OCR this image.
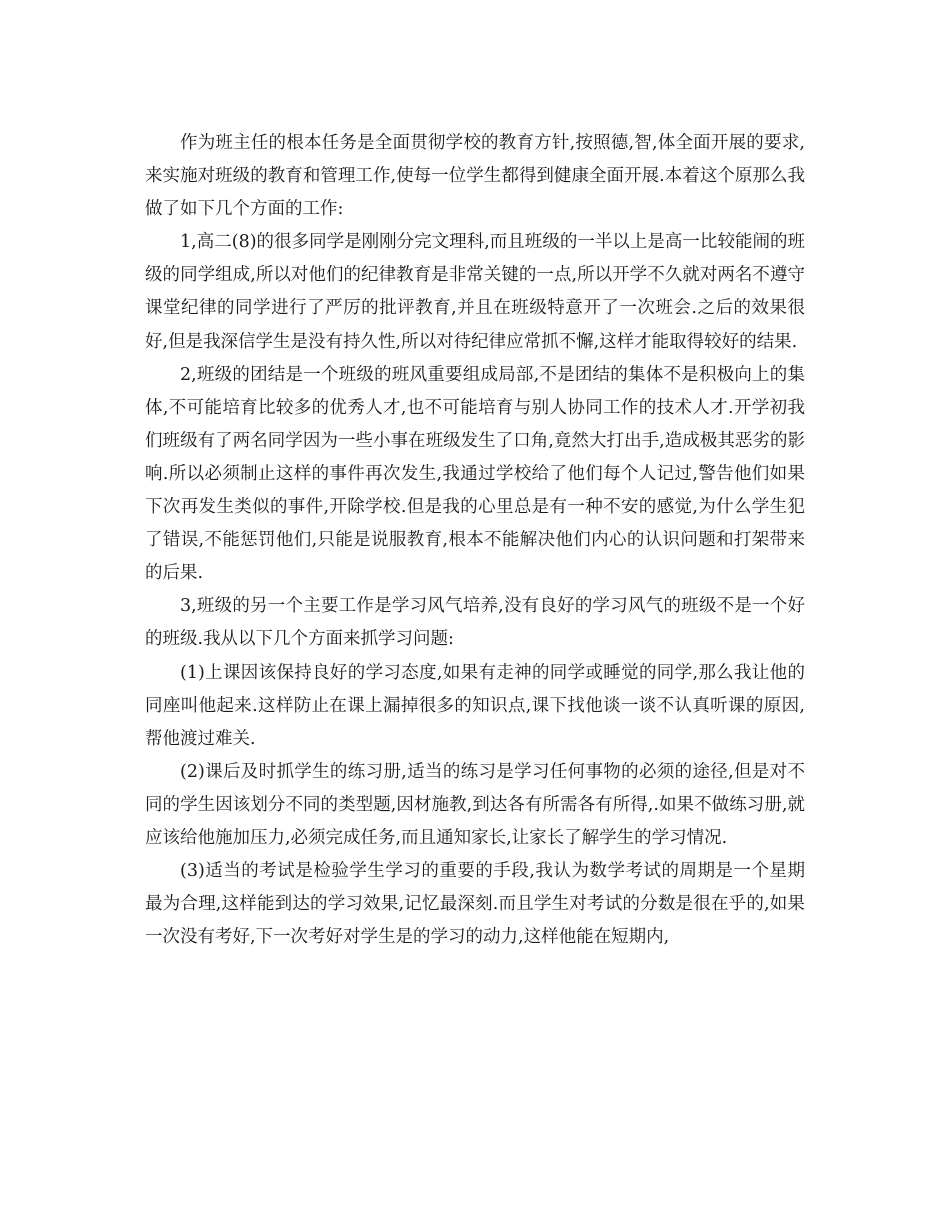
作为班主任的根本任务是全面贯彻学校的教育方针,按照德,智,体全面开展的要求,来实施对班级的教育和管理工作,使每一位学生都得到健康全面开展.本着这个原那么我做了如下几个方面的工作:

1,高二(8)的很多同学是刚刚分完文理科,而且班级的一半以上是高一比较能闹的班级的同学组成,所以对他们的纪律教育是非常关键的一点,所以开学不久就对两名不遵守课堂纪律的同学进行了严厉的批评教育,并且在班级特意开了一次班会.之后的效果很好,但是我深信学生是没有持久性,所以对待纪律应常抓不懈,这样才能取得较好的结果.

2,班级的团结是一个班级的班风重要组成局部,不是团结的集体不是积极向上的集体,不可能培育比较多的优秀人才,也不可能培育与别人协同工作的技术人才.开学初我们班级有了两名同学因为一些小事在班级发生了口角,竟然大打出手,造成极其恶劣的影响.所以必须制止这样的事件再次发生,我通过学校给了他们每个人记过,警告他们如果下次再发生类似的事件,开除学校.但是我的心里总是有一种不安的感觉,为什么学生犯了错误,不能惩罚他们,只能是说服教育,根本不能解决他们内心的认识问题和打架带来的后果.

3,班级的另一个主要工作是学习风气培养,没有良好的学习风气的班级不是一个好的班级.我从以下几个方面来抓学习问题:

(1)上课因该保持良好的学习态度,如果有走神的同学或睡觉的同学,那么我让他的同座叫他起来.这样防止在课上漏掉很多的知识点,课下找他谈一谈不认真听课的原因,帮他渡过难关.

(2)课后及时抓学生的练习册,适当的练习是学习任何事物的必须的途径,但是对不同的学生因该划分不同的类型题,因材施教,到达各有所需各有所得,.如果不做练习册,就应该给他施加压力,必须完成任务,而且通知家长,让家长了解学生的学习情况.

(3)适当的考试是检验学生学习的重要的手段,我认为数学考试的周期是一个星期最为合理,这样能到达的学习效果,记忆最深刻.而且学生对考试的分数是很在乎的,如果一次没有考好,下一次考好对学生是的学习的动力,这样他能在短期内,
